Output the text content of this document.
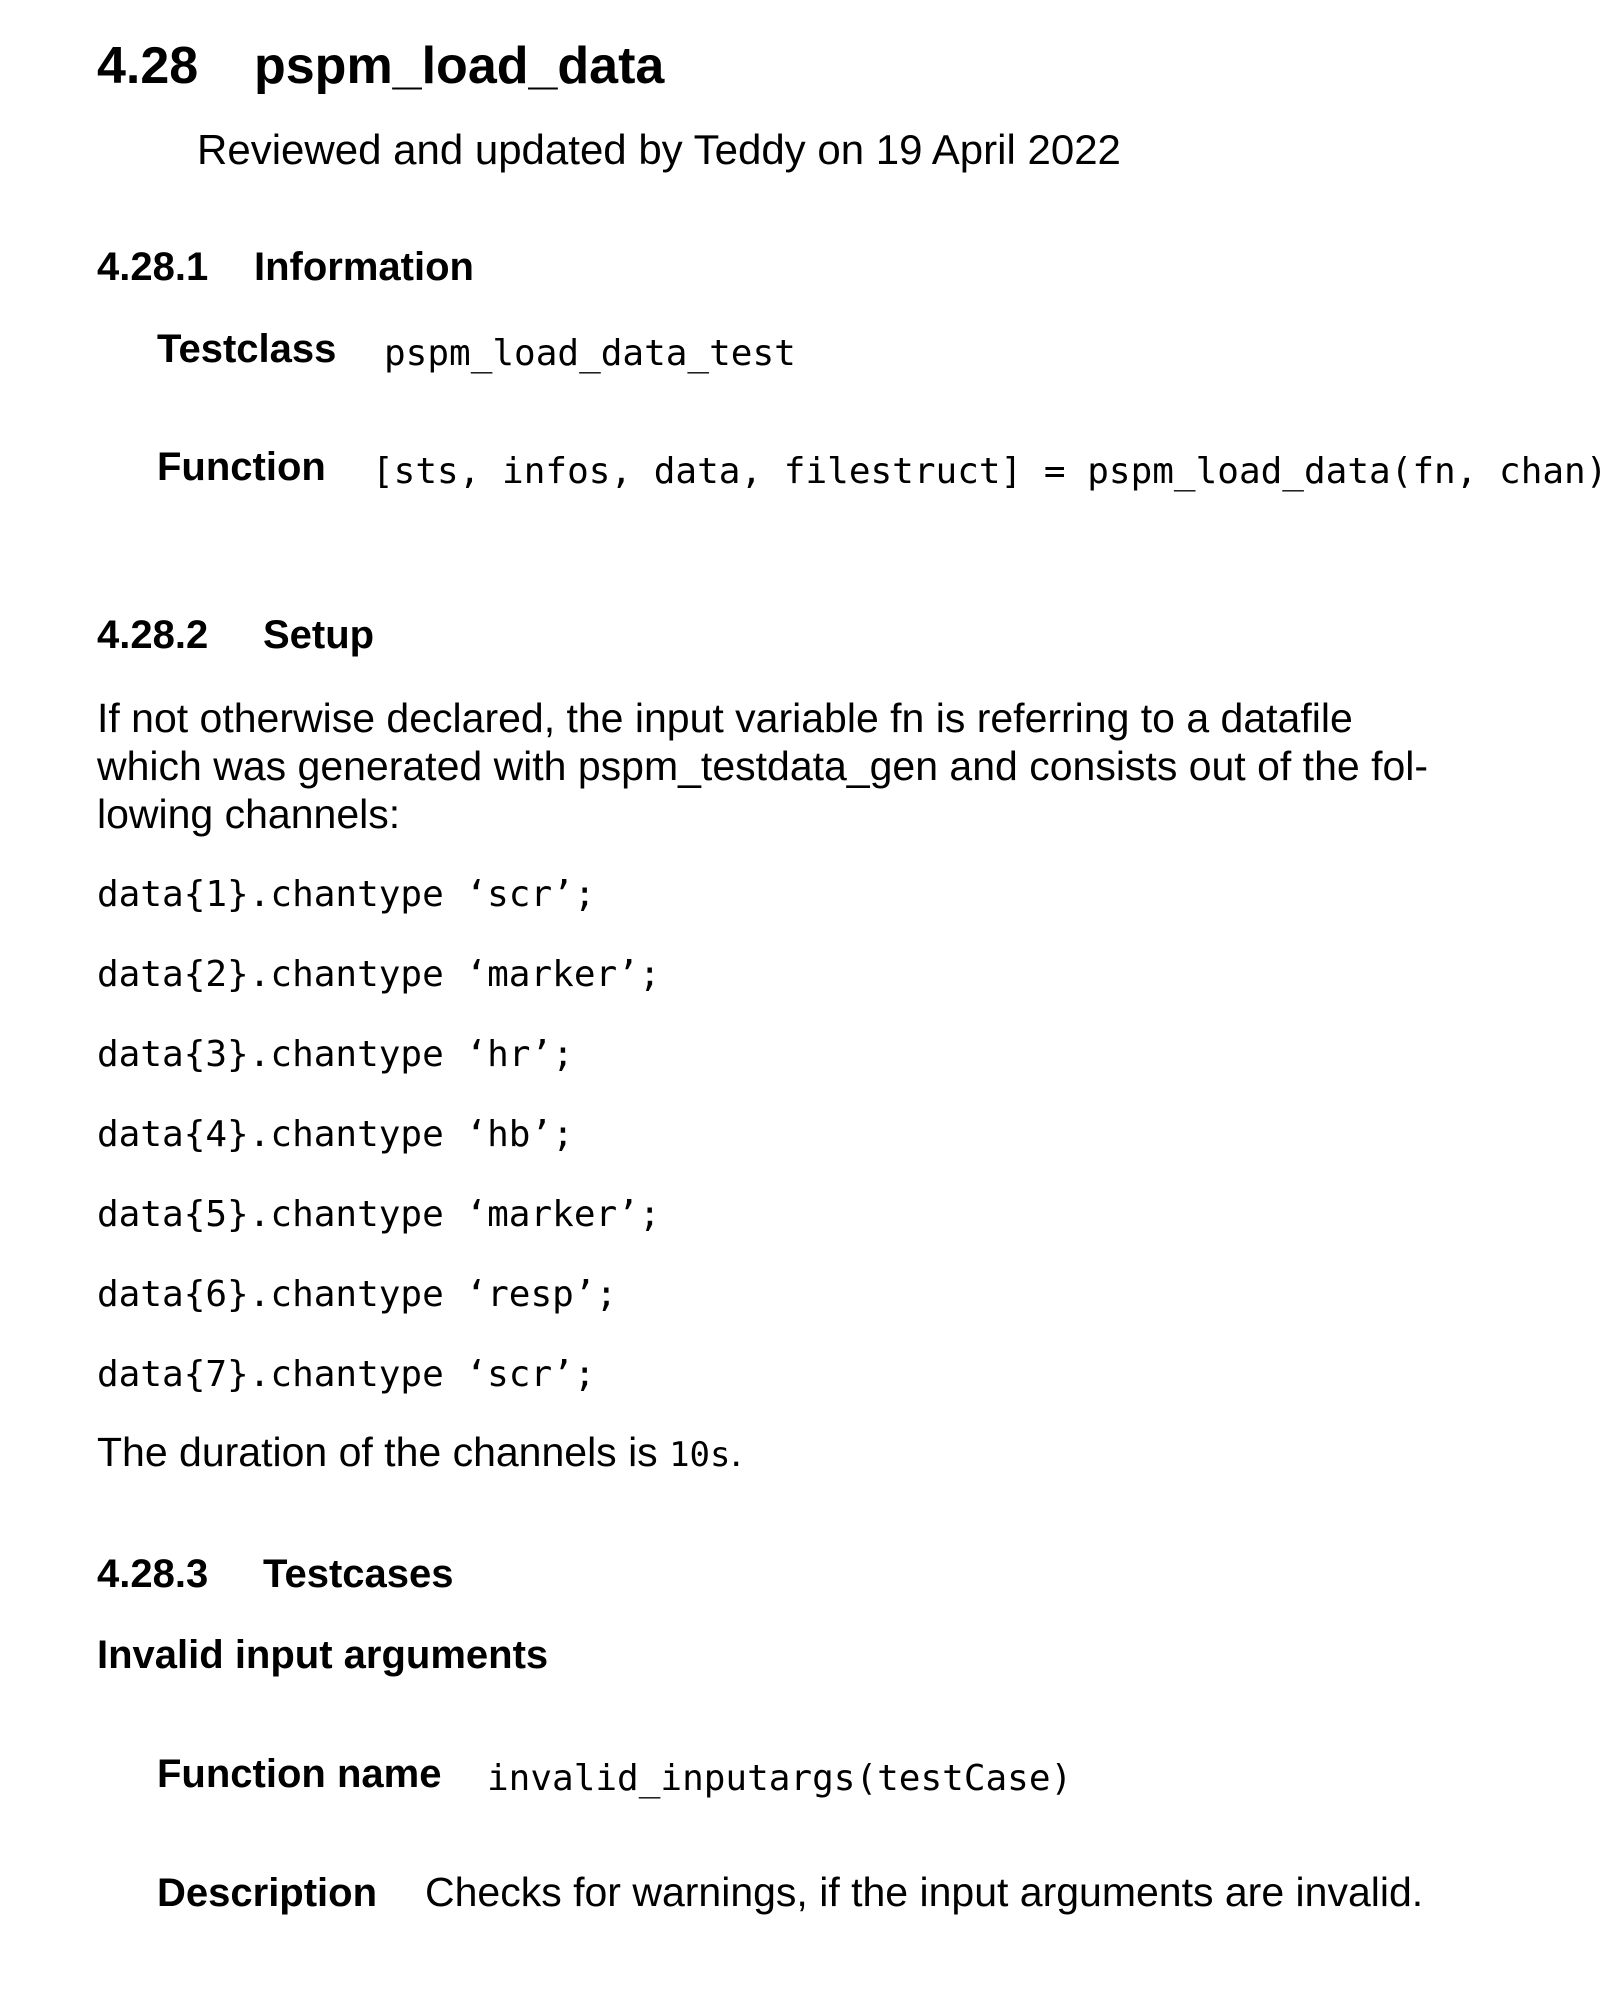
4.28 pspm_load_data
Reviewed and updated by Teddy on 19 April 2022
4.28.1 Information
Testclass pspm_load_data_test
Function [sts, infos, data, filestruct] = pspm_load_data(fn, chan)
4.28.2 Setup
If not otherwise declared, the input variable fn is referring to a datafile
which was generated with pspm_testdata_gen and consists out of the fol-
lowing channels:
data{1}.chantype ‘scr’;
data{2}.chantype ‘marker’;
data{3}.chantype ‘hr’;
data{4}.chantype ‘hb’;
data{5}.chantype ‘marker’;
data{6}.chantype ‘resp’;
data{7}.chantype ‘scr’;
The duration of the channels is 10s.
4.28.3 Testcases
Invalid input arguments
Function name invalid_inputargs(testCase)
Description Checks for warnings, if the input arguments are invalid.
